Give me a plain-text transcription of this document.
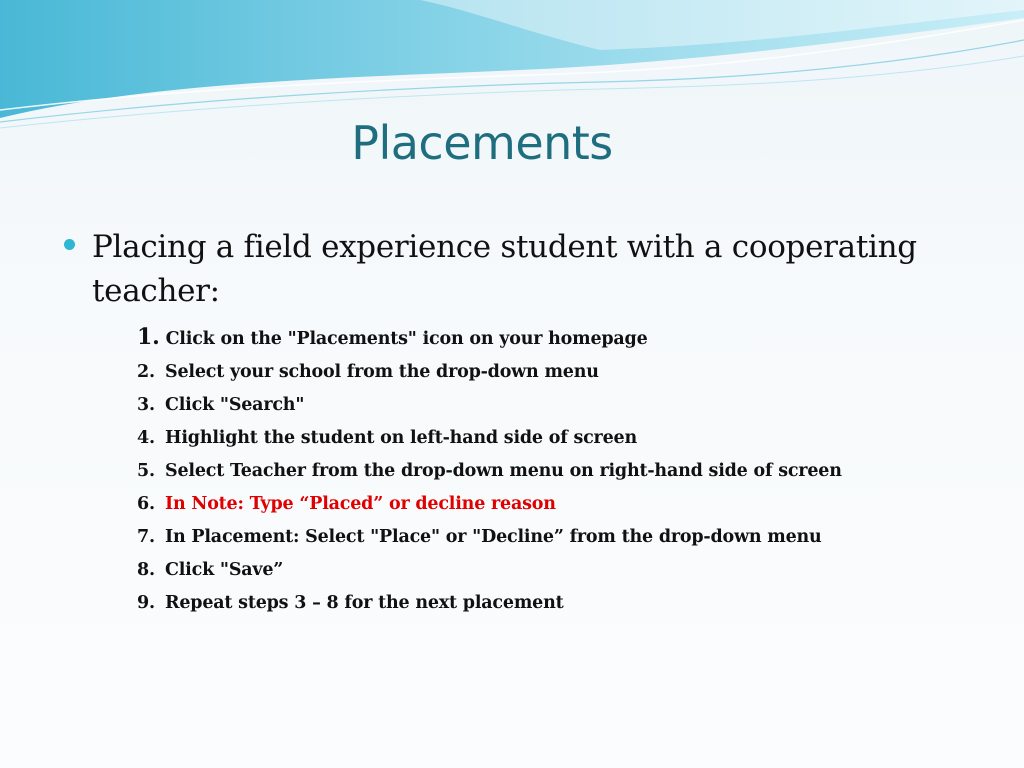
Placements
Placing a field experience student with a cooperating teacher:
1. Click on the "Placements" icon on your homepage
2. Select your school from the drop-down menu
3. Click "Search"
4. Highlight the student on left-hand side of screen
5. Select Teacher from the drop-down menu on right-hand side of screen
6. In Note: Type “Placed” or decline reason
7. In Placement: Select "Place" or "Decline” from the drop-down menu
8. Click "Save”
9. Repeat steps 3 – 8 for the next placement
